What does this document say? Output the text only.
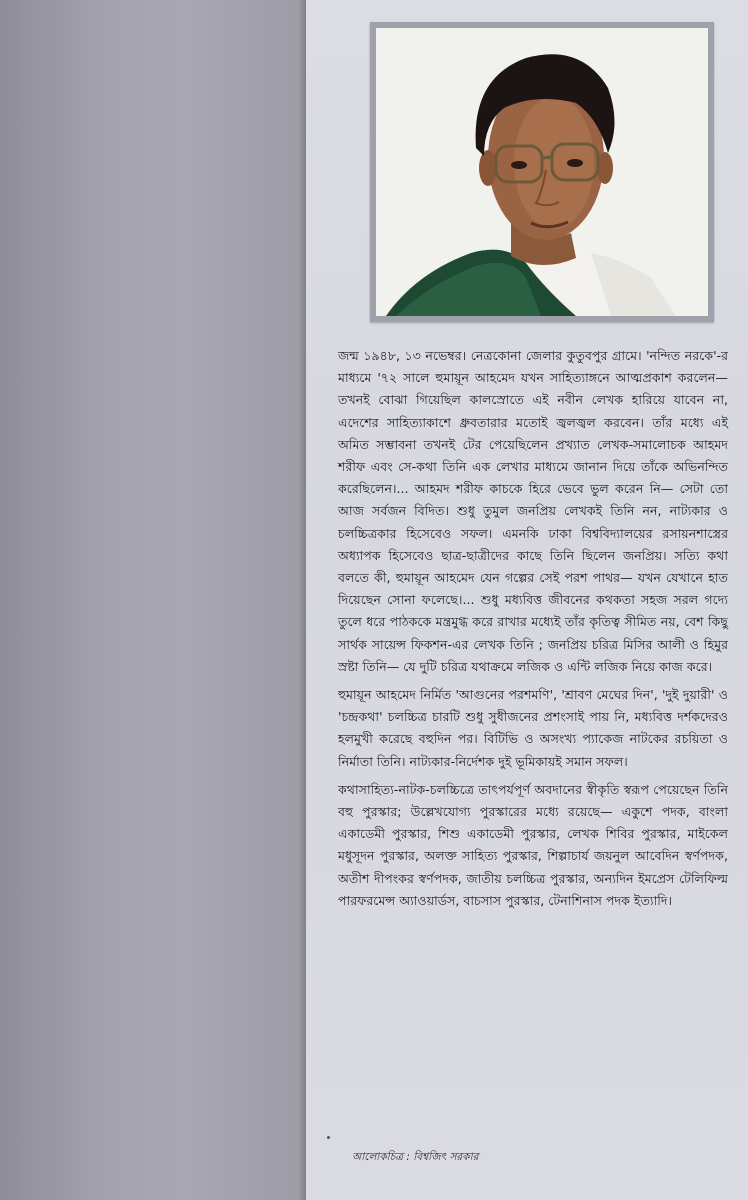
জন্ম ১৯৪৮, ১৩ নভেম্বর। নেত্রকোনা জেলার কুতুবপুর গ্রামে। 'নন্দিত নরকে'-র মাধ্যমে '৭২ সালে হুমায়ূন আহমেদ যখন সাহিত্যাঙ্গনে আত্মপ্রকাশ করলেন— তখনই বোঝা গিয়েছিল কালস্রোতে এই নবীন লেখক হারিয়ে যাবেন না, এদেশের সাহিত্যাকাশে ধ্রুবতারার মতোই জ্বলজ্বল করবেন। তাঁর মধ্যে এই অমিত সম্ভাবনা তখনই টের পেয়েছিলেন প্রখ্যাত লেখক-সমালোচক আহমদ শরীফ এবং সে-কথা তিনি এক লেখার মাধ্যমে জানান দিয়ে তাঁকে অভিনন্দিত করেছিলেন।... আহমদ শরীফ কাচকে হিরে ভেবে ভুল করেন নি— সেটা তো আজ সর্বজন বিদিত। শুধু তুমুল জনপ্রিয় লেখকই তিনি নন, নাট্যকার ও চলচ্চিত্রকার হিসেবেও সফল। এমনকি ঢাকা বিশ্ববিদ্যালয়ের রসায়নশাস্ত্রের অধ্যাপক হিসেবেও ছাত্র-ছাত্রীদের কাছে তিনি ছিলেন জনপ্রিয়। সত্যি কথা বলতে কী, হুমায়ূন আহমেদ যেন গল্পের সেই পরশ পাথর— যখন যেখানে হাত দিয়েছেন সোনা ফলেছে।... শুধু মধ্যবিত্ত জীবনের কথকতা সহজ সরল গদ্যে তুলে ধরে পাঠককে মন্ত্রমুগ্ধ করে রাখার মধ্যেই তাঁর কৃতিত্ব সীমিত নয়, বেশ কিছু সার্থক সায়েন্স ফিকশন-এর লেখক তিনি ; জনপ্রিয় চরিত্র মিসির আলী ও হিমুর স্রষ্টা তিনি— যে দুটি চরিত্র যথাক্রমে লজিক ও এন্টি লজিক নিয়ে কাজ করে।

হুমায়ূন আহমেদ নির্মিত 'আগুনের পরশমণি', 'শ্রাবণ মেঘের দিন', 'দুই দুয়ারী' ও 'চন্দ্রকথা' চলচ্চিত্র চারটি শুধু সুধীজনের প্রশংসাই পায় নি, মধ্যবিত্ত দর্শকদেরও হলমুখী করেছে বহুদিন পর। বিটিভি ও অসংখ্য প্যাকেজ নাটকের রচয়িতা ও নির্মাতা তিনি। নাট্যকার-নির্দেশক দুই ভূমিকায়ই সমান সফল।

কথাসাহিত্য-নাটক-চলচ্চিত্রে তাৎপর্যপূর্ণ অবদানের স্বীকৃতি স্বরূপ পেয়েছেন তিনি বহু পুরস্কার; উল্লেখযোগ্য পুরস্কারের মধ্যে রয়েছে— একুশে পদক, বাংলা একাডেমী পুরস্কার, শিশু একাডেমী পুরস্কার, লেখক শিবির পুরস্কার, মাইকেল মধুসূদন পুরস্কার, অলক্ত সাহিত্য পুরস্কার, শিল্পাচার্য জয়নুল আবেদিন স্বর্ণপদক, অতীশ দীপংকর স্বর্ণপদক, জাতীয় চলচ্চিত্র পুরস্কার, অন্যদিন ইমপ্রেস টেলিফিল্ম পারফরমেন্স অ্যাওয়ার্ডস, বাচসাস পুরস্কার, টেনাশিনাস পদক ইত্যাদি।

আলোকচিত্র : বিশ্বজিৎ সরকার
